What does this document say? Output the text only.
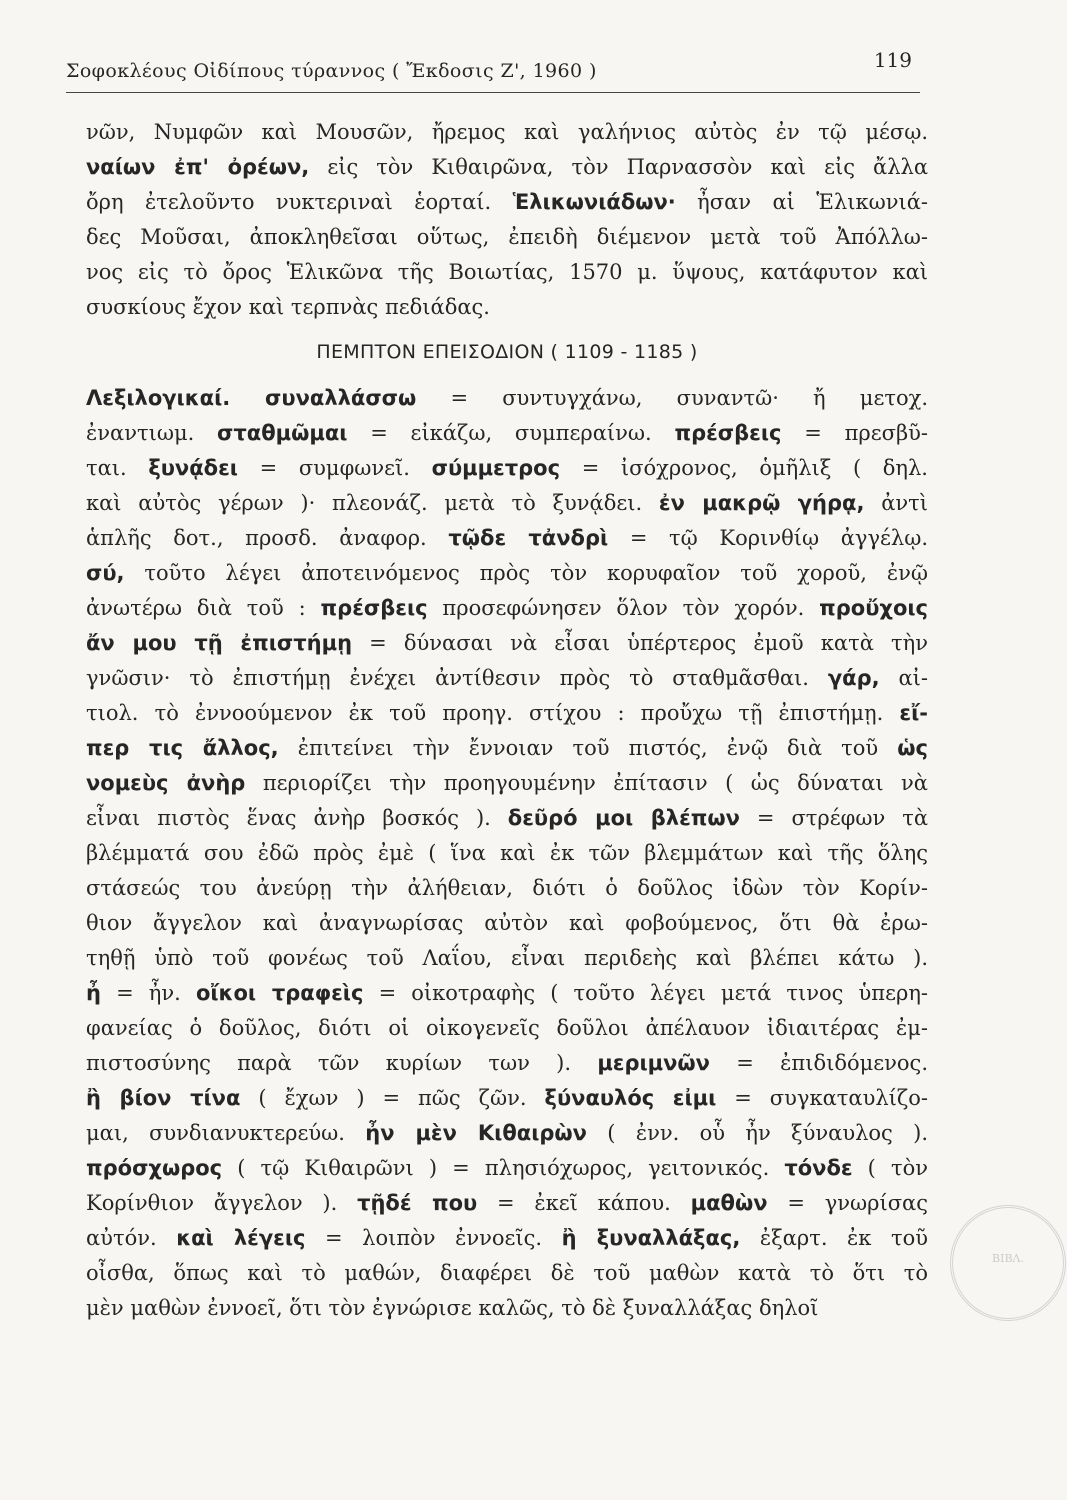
Σοφοκλέους Οἰδίπους τύραννος ( Ἔκδοσις Ζ', 1960 )	119
νῶν, Νυμφῶν καὶ Μουσῶν, ἤρεμος καὶ γαλήνιος αὐτὸς ἐν τῷ μέσῳ.
ναίων ἐπ' ὀρέων, εἰς τὸν Κιθαιρῶνα, τὸν Παρνασσὸν καὶ εἰς ἄλλα
ὄρη ἐτελοῦντο νυκτεριναὶ ἑορταί. Ἑλικωνιάδων· ἦσαν αἱ Ἑλικωνιά-
δες Μοῦσαι, ἀποκληθεῖσαι οὕτως, ἐπειδὴ διέμενον μετὰ τοῦ Ἀπόλλω-
νος εἰς τὸ ὄρος Ἑλικῶνα τῆς Βοιωτίας, 1570 μ. ὕψους, κατάφυτον καὶ
συσκίους ἔχον καὶ τερπνὰς πεδιάδας.
ΠΕΜΠΤΟΝ ΕΠΕΙΣΟΔΙΟΝ ( 1109 - 1185 )
Λεξιλογικαί. συναλλάσσω = συντυγχάνω, συναντῶ· ἤ μετοχ.
ἐναντιωμ. σταθμῶμαι = εἰκάζω, συμπεραίνω. πρέσβεις = πρεσβῦ-
ται. ξυνᾴδει = συμφωνεῖ. σύμμετρος = ἰσόχρονος, ὁμῆλιξ ( δηλ.
καὶ αὐτὸς γέρων )· πλεονάζ. μετὰ τὸ ξυνᾴδει. ἐν μακρῷ γήρᾳ, ἀντὶ
ἁπλῆς δοτ., προσδ. ἀναφορ. τῷδε τἀνδρὶ = τῷ Κορινθίῳ ἀγγέλῳ.
σύ, τοῦτο λέγει ἀποτεινόμενος πρὸς τὸν κορυφαῖον τοῦ χοροῦ, ἐνῷ
ἀνωτέρω διὰ τοῦ : πρέσβεις προσεφώνησεν ὅλον τὸν χορόν. προὔχοις
ἄν μου τῇ ἐπιστήμῃ = δύνασαι νὰ εἶσαι ὑπέρτερος ἐμοῦ κατὰ τὴν
γνῶσιν· τὸ ἐπιστήμῃ ἐνέχει ἀντίθεσιν πρὸς τὸ σταθμᾶσθαι. γάρ, αἰ-
τιολ. τὸ ἐννοούμενον ἐκ τοῦ προηγ. στίχου : προὔχω τῇ ἐπιστήμῃ. εἴ-
περ τις ἄλλος, ἐπιτείνει τὴν ἔννοιαν τοῦ πιστός, ἐνῷ διὰ τοῦ ὡς
νομεὺς ἀνὴρ περιορίζει τὴν προηγουμένην ἐπίτασιν ( ὡς δύναται νὰ
εἶναι πιστὸς ἕνας ἀνὴρ βοσκός ). δεῦρό μοι βλέπων = στρέφων τὰ
βλέμματά σου ἐδῶ πρὸς ἐμὲ ( ἵνα καὶ ἐκ τῶν βλεμμάτων καὶ τῆς ὅλης
στάσεώς του ἀνεύρῃ τὴν ἀλήθειαν, διότι ὁ δοῦλος ἰδὼν τὸν Κορίν-
θιον ἄγγελον καὶ ἀναγνωρίσας αὐτὸν καὶ φοβούμενος, ὅτι θὰ ἐρω-
τηθῇ ὑπὸ τοῦ φονέως τοῦ Λαΐου, εἶναι περιδεὴς καὶ βλέπει κάτω ).
ἦ = ἦν. οἴκοι τραφεὶς = οἰκοτραφὴς ( τοῦτο λέγει μετά τινος ὑπερη-
φανείας ὁ δοῦλος, διότι οἱ οἰκογενεῖς δοῦλοι ἀπέλαυον ἰδιαιτέρας ἐμ-
πιστοσύνης παρὰ τῶν κυρίων των ). μεριμνῶν = ἐπιδιδόμενος.
ἢ βίον τίνα ( ἔχων ) = πῶς ζῶν. ξύναυλός εἰμι = συγκαταυλίζο-
μαι, συνδιανυκτερεύω. ἦν μὲν Κιθαιρὼν ( ἐνν. οὗ ἦν ξύναυλος ).
πρόσχωρος ( τῷ Κιθαιρῶνι ) = πλησιόχωρος, γειτονικός. τόνδε ( τὸν
Κορίνθιον ἄγγελον ). τῇδέ που = ἐκεῖ κάπου. μαθὼν = γνωρίσας
αὐτόν. καὶ λέγεις = λοιπὸν ἐννοεῖς. ἢ ξυναλλάξας, ἐξαρτ. ἐκ τοῦ
οἶσθα, ὅπως καὶ τὸ μαθών, διαφέρει δὲ τοῦ μαθὼν κατὰ τὸ ὅτι τὸ
μὲν μαθὼν ἐννοεῖ, ὅτι τὸν ἐγνώρισε καλῶς, τὸ δὲ ξυναλλάξας δηλοῖ
ΒΙΒΛ.
